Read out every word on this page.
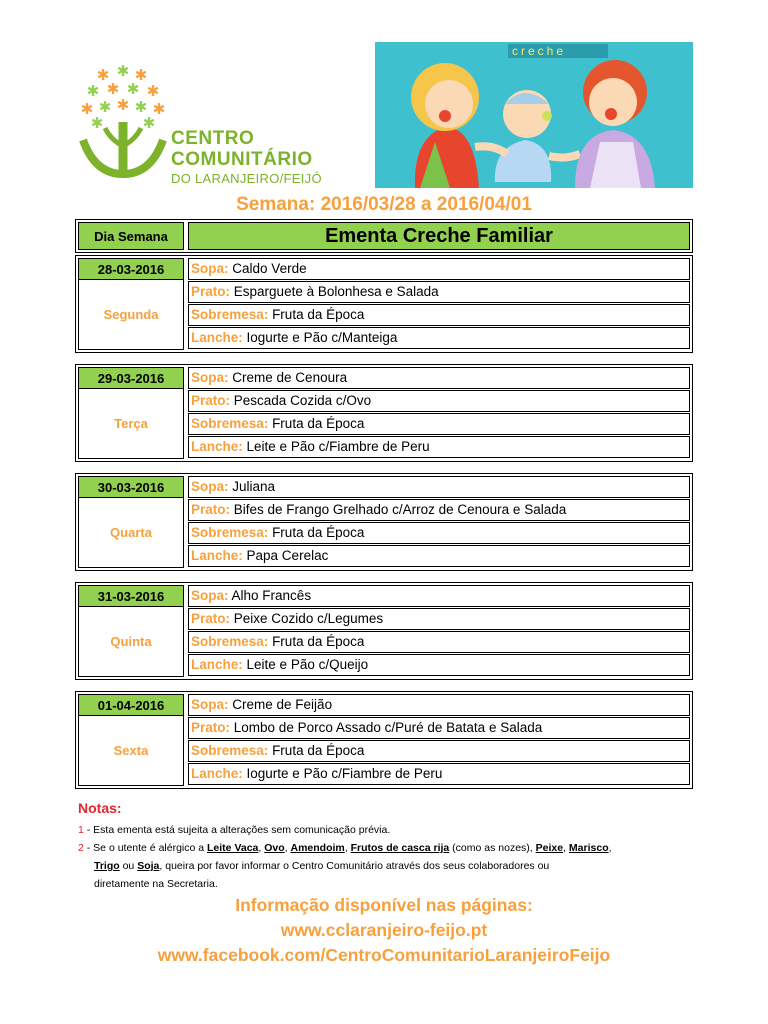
✱ ✱ ✱
✱ ✱ ✱ ✱
✱ ✱ ✱ ✱ ✱
✱	✱
CENTRO
COMUNITÁRIO
DO LARANJEIRO/FEIJÓ
creche
Semana: 2016/03/28 a 2016/04/01
Dia Semana	Ementa Creche Familiar
28-03-2016
Segunda
Sopa: Caldo Verde
Prato: Esparguete à Bolonhesa e Salada
Sobremesa: Fruta da Época
Lanche: Iogurte e Pão c/Manteiga
29-03-2016
Terça
Sopa: Creme de Cenoura
Prato: Pescada Cozida c/Ovo
Sobremesa: Fruta da Época
Lanche: Leite e Pão c/Fiambre de Peru
30-03-2016
Quarta
Sopa: Juliana
Prato: Bifes de Frango Grelhado c/Arroz de Cenoura e Salada
Sobremesa: Fruta da Época
Lanche: Papa Cerelac
31-03-2016
Quinta
Sopa: Alho Francês
Prato: Peixe Cozido c/Legumes
Sobremesa: Fruta da Época
Lanche: Leite e Pão c/Queijo
01-04-2016
Sexta
Sopa: Creme de Feijão
Prato: Lombo de Porco Assado c/Puré de Batata e Salada
Sobremesa: Fruta da Época
Lanche: Iogurte e Pão c/Fiambre de Peru
Notas:
1 - Esta ementa está sujeita a alterações sem comunicação prévia.
2 - Se o utente é alérgico a Leite Vaca, Ovo, Amendoim, Frutos de casca rija (como as nozes), Peixe, Marisco,
Trigo ou Soja, queira por favor informar o Centro Comunitário através dos seus colaboradores ou
diretamente na Secretaria.
Informação disponível nas páginas:
www.cclaranjeiro-feijo.pt
www.facebook.com/CentroComunitarioLaranjeiroFeijo
